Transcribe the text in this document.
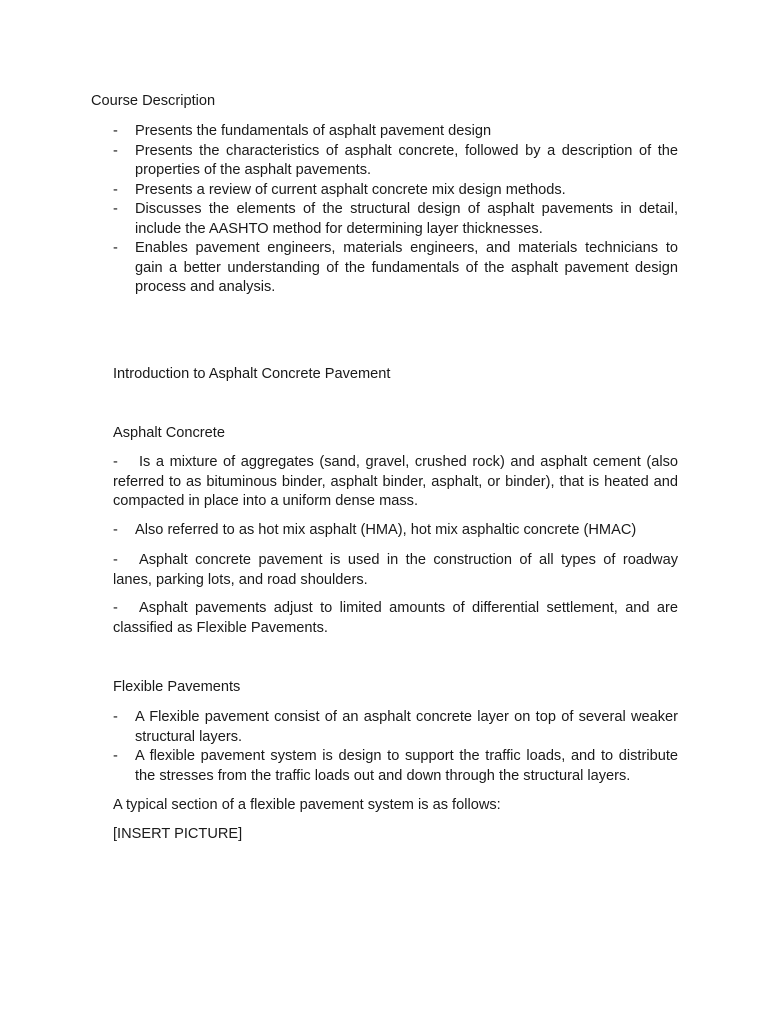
Course Description
- Presents the fundamentals of asphalt pavement design
- Presents the characteristics of asphalt concrete, followed by a description of the properties of the asphalt pavements.
- Presents a review of current asphalt concrete mix design methods.
- Discusses the elements of the structural design of asphalt pavements in detail, include the AASHTO method for determining layer thicknesses.
- Enables pavement engineers, materials engineers, and materials technicians to gain a better understanding of the fundamentals of the asphalt pavement design process and analysis.
Introduction to Asphalt Concrete Pavement
Asphalt Concrete

- Is a mixture of aggregates (sand, gravel, crushed rock) and asphalt cement (also referred to as bituminous binder, asphalt binder, asphalt, or binder), that is heated and compacted in place into a uniform dense mass.

- Also referred to as hot mix asphalt (HMA), hot mix asphaltic concrete (HMAC)

- Asphalt concrete pavement is used in the construction of all types of roadway lanes, parking lots, and road shoulders.

- Asphalt pavements adjust to limited amounts of differential settlement, and are classified as Flexible Pavements.

Flexible Pavements
- A Flexible pavement consist of an asphalt concrete layer on top of several weaker structural layers.
- A flexible pavement system is design to support the traffic loads, and to distribute the stresses from the traffic loads out and down through the structural layers.
A typical section of a flexible pavement system is as follows:
[INSERT PICTURE]
